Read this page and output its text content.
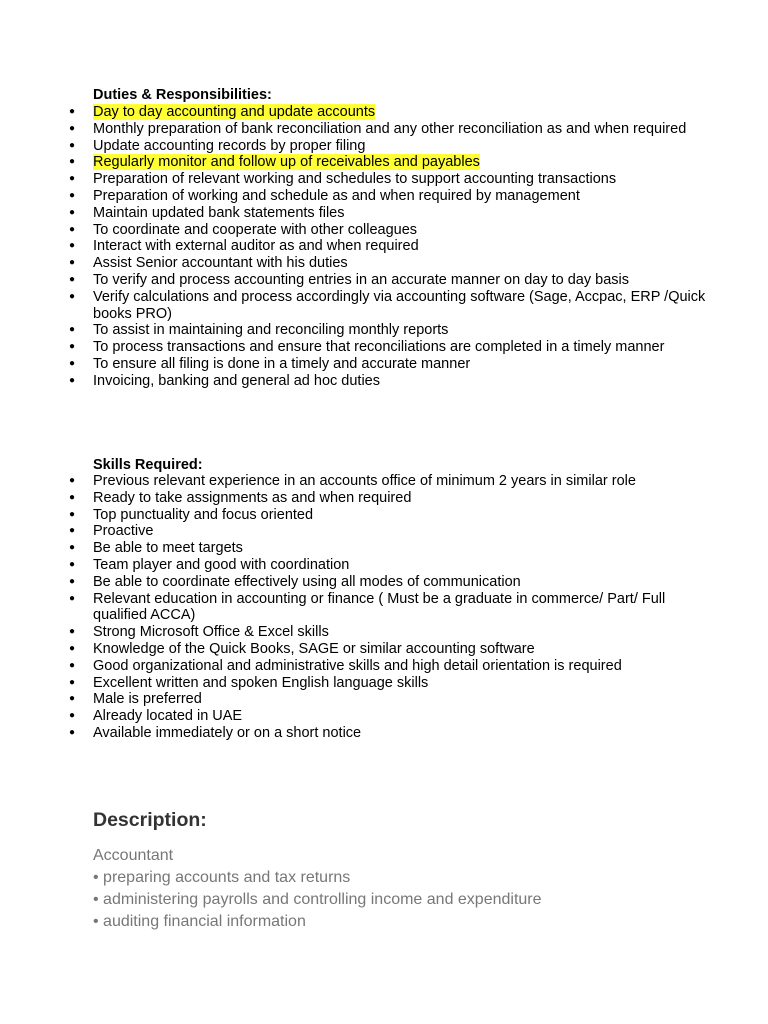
Duties & Responsibilities:
● Day to day accounting and update accounts
● Monthly preparation of bank reconciliation and any other reconciliation as and when required
● Update accounting records by proper filing
● Regularly monitor and follow up of receivables and payables
● Preparation of relevant working and schedules to support accounting transactions
● Preparation of working and schedule as and when required by management
● Maintain updated bank statements files
● To coordinate and cooperate with other colleagues
● Interact with external auditor as and when required
● Assist Senior accountant with his duties
● To verify and process accounting entries in an accurate manner on day to day basis
● Verify calculations and process accordingly via accounting software (Sage, Accpac, ERP /Quick books PRO)
● To assist in maintaining and reconciling monthly reports
● To process transactions and ensure that reconciliations are completed in a timely manner
● To ensure all filing is done in a timely and accurate manner
● Invoicing, banking and general ad hoc duties
Skills Required:
● Previous relevant experience in an accounts office of minimum 2 years in similar role
● Ready to take assignments as and when required
● Top punctuality and focus oriented
● Proactive
● Be able to meet targets
● Team player and good with coordination
● Be able to coordinate effectively using all modes of communication
● Relevant education in accounting or finance ( Must be a graduate in commerce/ Part/ Full qualified ACCA)
● Strong Microsoft Office & Excel skills
● Knowledge of the Quick Books, SAGE or similar accounting software
● Good organizational and administrative skills and high detail orientation is required
● Excellent written and spoken English language skills
● Male is preferred
● Already located in UAE
● Available immediately or on a short notice
Description:
Accountant
• preparing accounts and tax returns
• administering payrolls and controlling income and expenditure
• auditing financial information
